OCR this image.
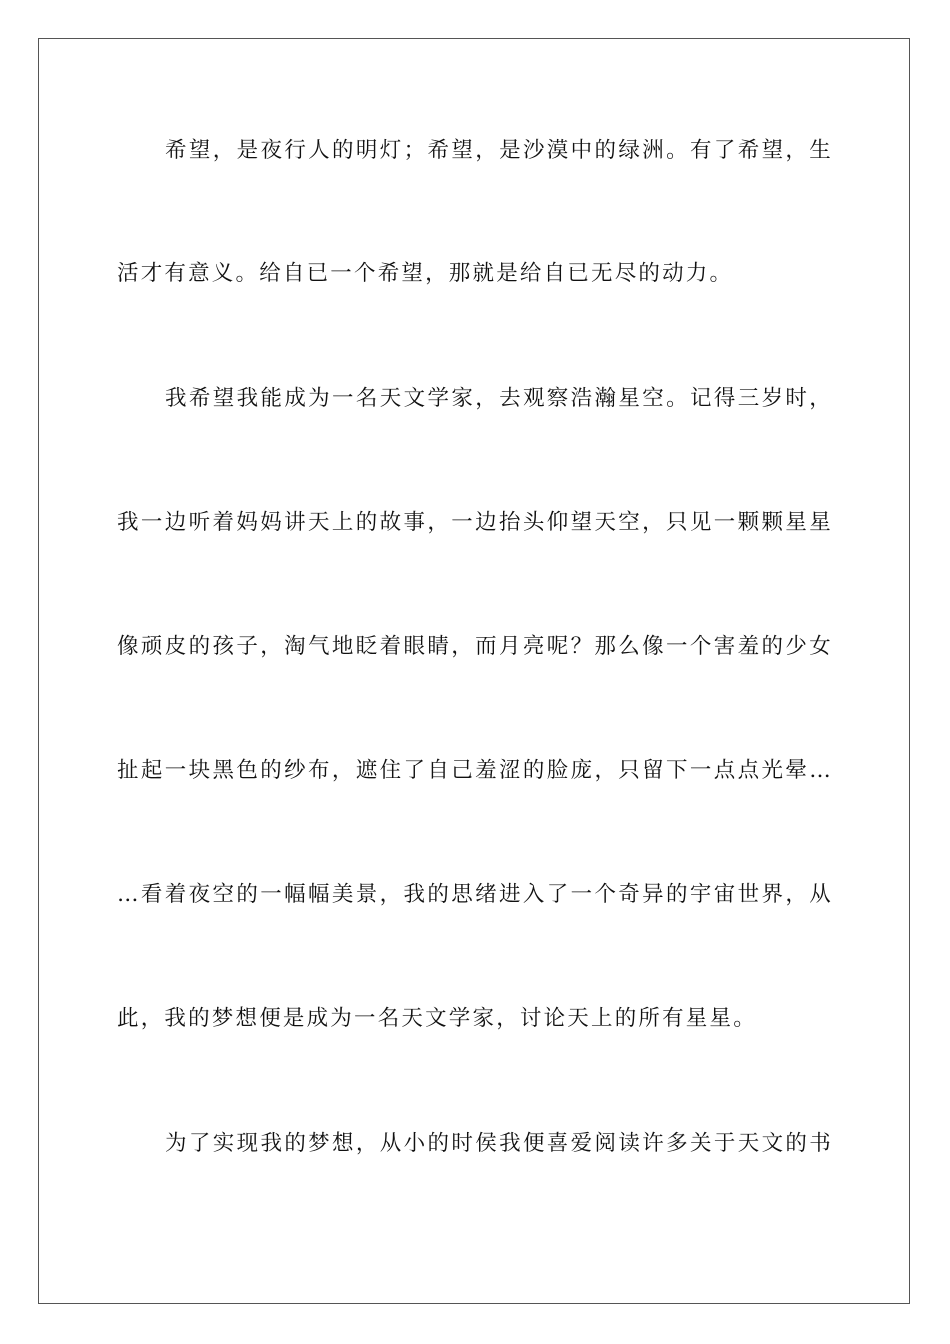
希望，是夜行人的明灯；希望，是沙漠中的绿洲。有了希望，生
活才有意义。给自已一个希望，那就是给自已无尽的动力。
我希望我能成为一名天文学家，去观察浩瀚星空。记得三岁时，
我一边听着妈妈讲天上的故事，一边抬头仰望天空，只见一颗颗星星
像顽皮的孩子，淘气地眨着眼睛，而月亮呢？那么像一个害羞的少女
扯起一块黑色的纱布，遮住了自己羞涩的脸庞，只留下一点点光晕…
…看着夜空的一幅幅美景，我的思绪进入了一个奇异的宇宙世界，从
此，我的梦想便是成为一名天文学家，讨论天上的所有星星。
为了实现我的梦想，从小的时侯我便喜爱阅读许多关于天文的书
